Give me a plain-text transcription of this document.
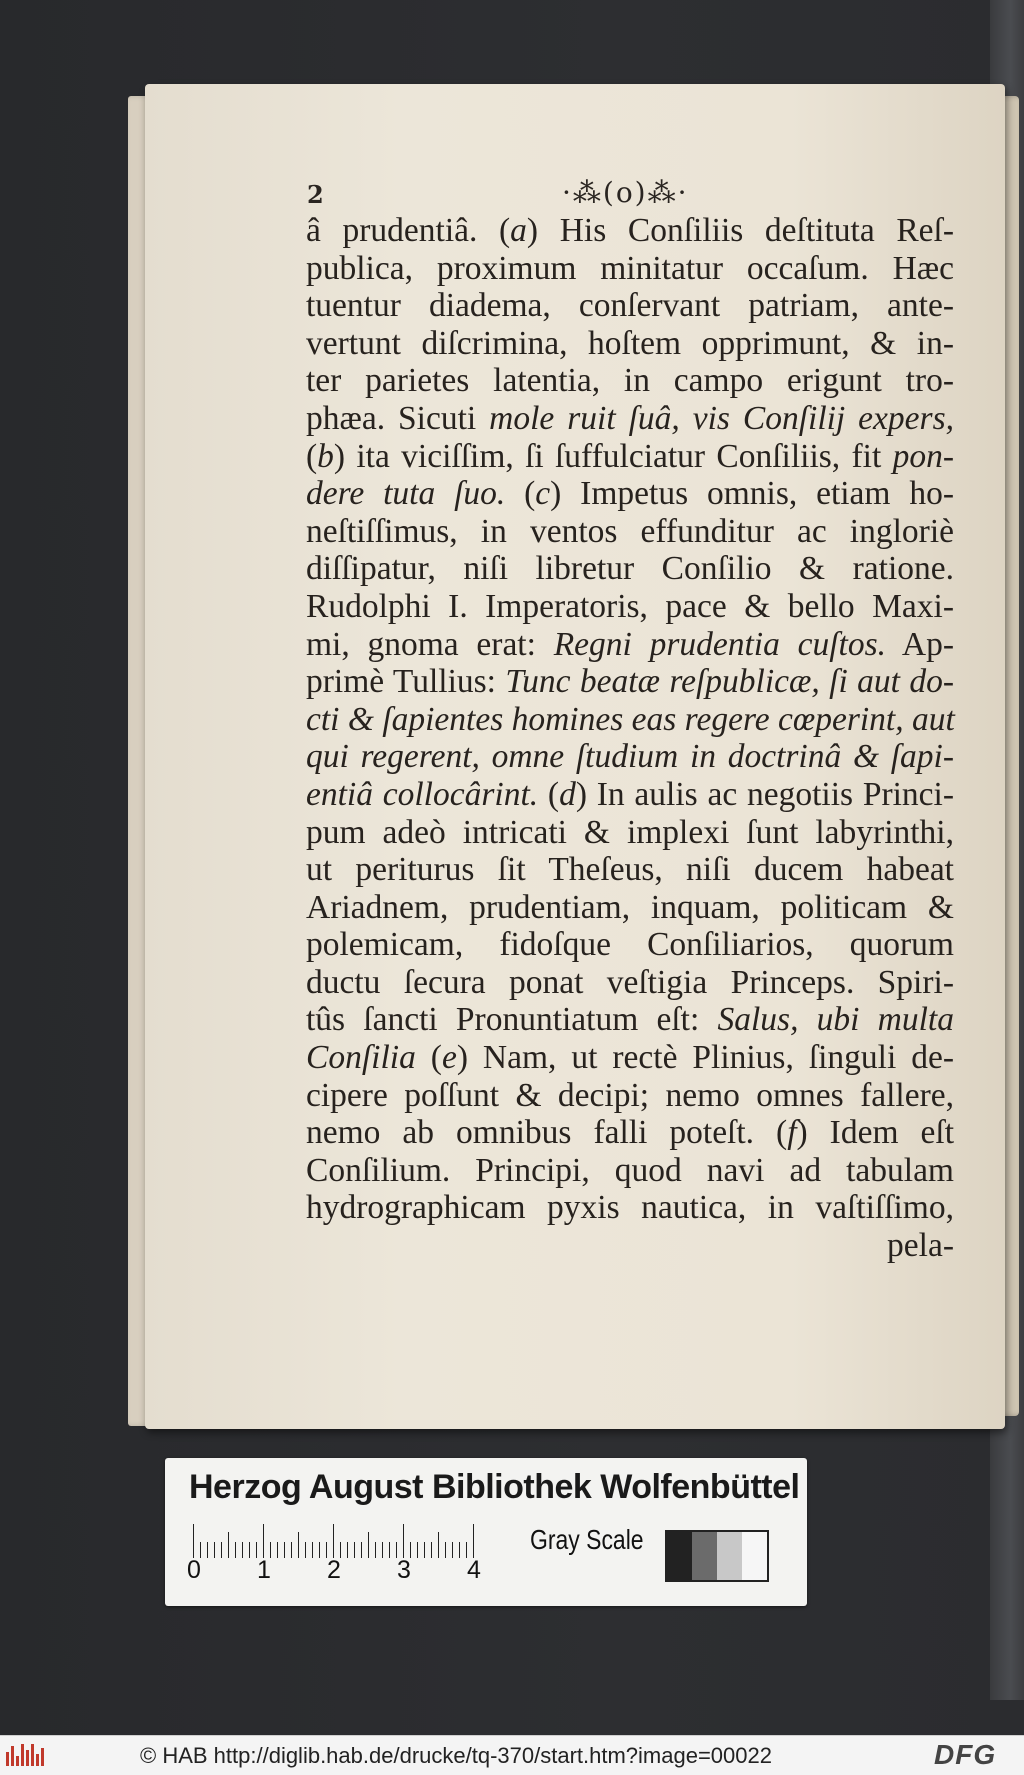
2	·⁂(o)⁂·
â prudentiâ. (a) His Conſiliis deſtituta Reſ-
publica, proximum minitatur occaſum. Hæc
tuentur diadema, conſervant patriam, ante-
vertunt diſcrimina, hoſtem opprimunt, & in-
ter parietes latentia, in campo erigunt tro-
phæa. Sicuti mole ruit ſuâ, vis Conſilij expers,
(b) ita viciſſim, ſi ſuffulciatur Conſiliis, fit pon-
dere tuta ſuo. (c) Impetus omnis, etiam ho-
neſtiſſimus, in ventos effunditur ac ingloriè
diſſipatur, niſi libretur Conſilio & ratione.
Rudolphi I. Imperatoris, pace & bello Maxi-
mi, gnoma erat: Regni prudentia cuſtos. Ap-
primè Tullius: Tunc beatæ reſpublicæ, ſi aut do-
cti & ſapientes homines eas regere cœperint, aut
qui regerent, omne ſtudium in doctrinâ & ſapi-
entiâ collocârint. (d) In aulis ac negotiis Princi-
pum adeò intricati & implexi ſunt labyrinthi,
ut periturus ſit Theſeus, niſi ducem habeat
Ariadnem, prudentiam, inquam, politicam &
polemicam, fidoſque Conſiliarios, quorum
ductu ſecura ponat veſtigia Princeps. Spiri-
tûs ſancti Pronuntiatum eſt: Salus, ubi multa
Conſilia (e) Nam, ut rectè Plinius, ſinguli de-
cipere poſſunt & decipi; nemo omnes fallere,
nemo ab omnibus falli poteſt. (f) Idem eſt
Conſilium. Principi, quod navi ad tabulam
hydrographicam pyxis nautica, in vaſtiſſimo,
pela-
Herzog August Bibliothek Wolfenbüttel
0 1 2 3 4
Gray Scale
© HAB http://diglib.hab.de/drucke/tq-370/start.htm?image=00022	DFG
